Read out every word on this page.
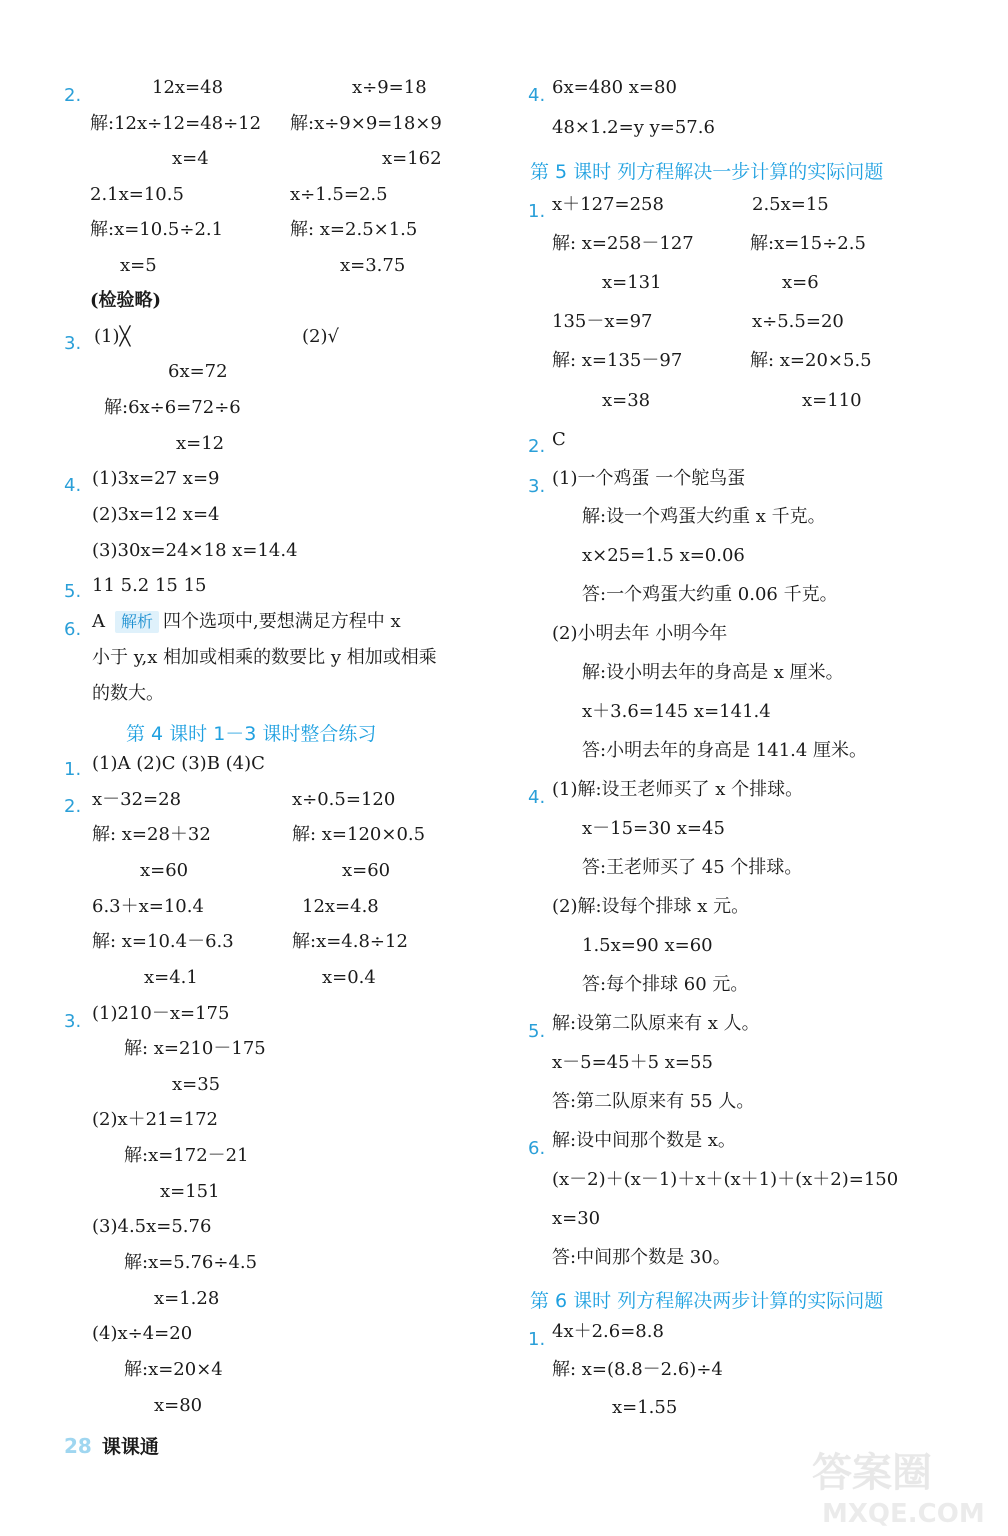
2.	12x=48	x÷9=18
解:12x÷12=48÷12 解:x÷9×9=18×9
x=4	x=162
2.1x=10.5	x÷1.5=2.5
解:x=10.5÷2.1	解: x=2.5×1.5
x=5	x=3.75
(检验略)
3. (1)╳	(2)√
6x=72
解:6x÷6=72÷6
x=12
4. (1)3x=27 x=9
(2)3x=12 x=4
(3)30x=24×18 x=14.4
5. 11 5.2 15 15
6. A 解析 四个选项中,要想满足方程中 x
小于 y,x 相加或相乘的数要比 y 相加或相乘
的数大。
第 4 课时 1－3 课时整合练习
1. (1)A (2)C (3)B (4)C
2. x－32=28	x÷0.5=120
解: x=28＋32	解: x=120×0.5
x=60	x=60
6.3＋x=10.4	12x=4.8
解: x=10.4－6.3	解:x=4.8÷12
x=4.1	x=0.4
3. (1)210－x=175
解: x=210－175
x=35
(2)x＋21=172
解:x=172－21
x=151
(3)4.5x=5.76
解:x=5.76÷4.5
x=1.28
(4)x÷4=20
解:x=20×4
x=80
4. 6x=480 x=80
48×1.2=y y=57.6
第 5 课时 列方程解决一步计算的实际问题
1. x＋127=258	2.5x=15
解: x=258－127	解:x=15÷2.5
x=131	x=6
135－x=97	x÷5.5=20
解: x=135－97	解: x=20×5.5
x=38	x=110
2. C
3. (1)一个鸡蛋 一个鸵鸟蛋
解:设一个鸡蛋大约重 x 千克。
x×25=1.5 x=0.06
答:一个鸡蛋大约重 0.06 千克。
(2)小明去年 小明今年
解:设小明去年的身高是 x 厘米。
x＋3.6=145 x=141.4
答:小明去年的身高是 141.4 厘米。
4. (1)解:设王老师买了 x 个排球。
x－15=30 x=45
答:王老师买了 45 个排球。
(2)解:设每个排球 x 元。
1.5x=90 x=60
答:每个排球 60 元。
5. 解:设第二队原来有 x 人。
x－5=45＋5 x=55
答:第二队原来有 55 人。
6. 解:设中间那个数是 x。
(x－2)＋(x－1)＋x＋(x＋1)＋(x＋2)=150
x=30
答:中间那个数是 30。
第 6 课时 列方程解决两步计算的实际问题
1. 4x＋2.6=8.8
解: x=(8.8－2.6)÷4
x=1.55
28 课课通
答案圈
MXQE.COM
